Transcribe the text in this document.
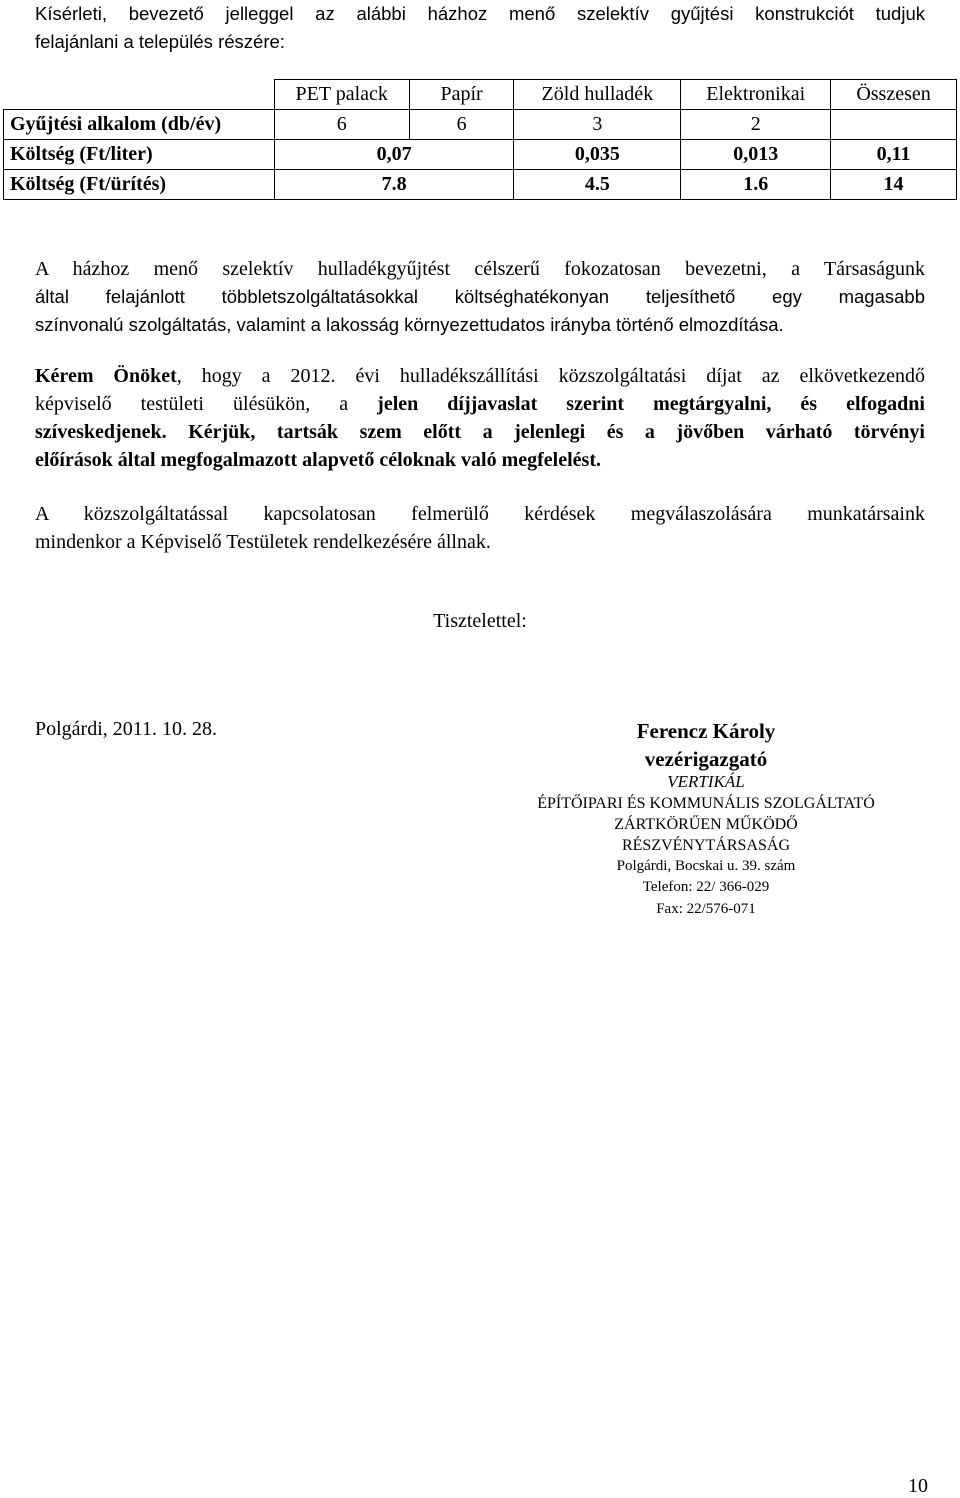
Kísérleti, bevezető jelleggel az alábbi házhoz menő szelektív gyűjtési konstrukciót tudjuk
felajánlani a település részére:
	PET palack	Papír	Zöld hulladék	Elektronikai	Összesen
Gyűjtési alkalom (db/év)	6	6	3	2	
Költség (Ft/liter)	0,07		0,035	0,013	0,11
Költség (Ft/ürítés)	7.8		4.5	1.6	14
A házhoz menő szelektív hulladékgyűjtést célszerű fokozatosan bevezetni, a Társaságunk
által felajánlott többletszolgáltatásokkal költséghatékonyan teljesíthető egy magasabb
színvonalú szolgáltatás, valamint a lakosság környezettudatos irányba történő elmozdítása.
Kérem Önöket, hogy a 2012. évi hulladékszállítási közszolgáltatási díjat az elkövetkezendő
képviselő testületi ülésükön, a jelen díjjavaslat szerint megtárgyalni, és elfogadni
szíveskedjenek. Kérjük, tartsák szem előtt a jelenlegi és a jövőben várható törvényi
előírások által megfogalmazott alapvető céloknak való megfelelést.
A közszolgáltatással kapcsolatosan felmerülő kérdések megválaszolására munkatársaink
mindenkor a Képviselő Testületek rendelkezésére állnak.
Tisztelettel:
Polgárdi, 2011. 10. 28.	Ferencz Károly
vezérigazgató
VERTIKÁL
ÉPÍTŐIPARI ÉS KOMMUNÁLIS SZOLGÁLTATÓ
ZÁRTKÖRŰEN MŰKÖDŐ
RÉSZVÉNYTÁRSASÁG
Polgárdi, Bocskai u. 39. szám
Telefon: 22/ 366-029
Fax: 22/576-071
10
